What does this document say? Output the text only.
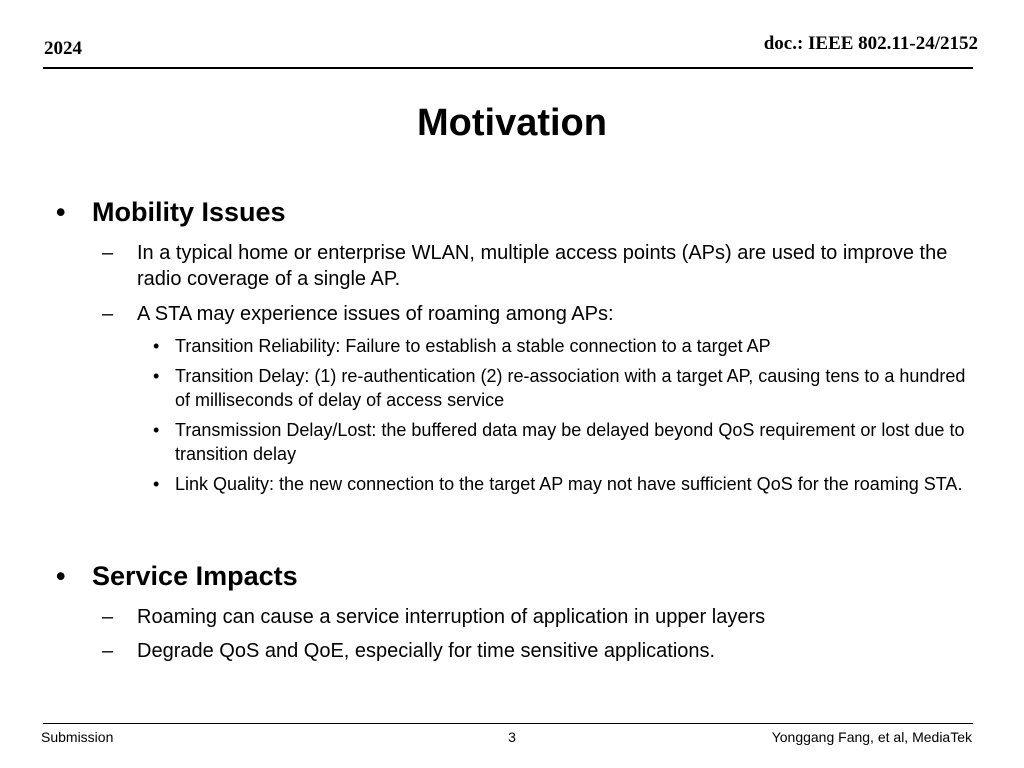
2024	doc.: IEEE 802.11-24/2152
Motivation
• Mobility Issues
– In a typical home or enterprise WLAN, multiple access points (APs) are used to improve the radio coverage of a single AP.
– A STA may experience issues of roaming among APs:
• Transition Reliability: Failure to establish a stable connection to a target AP
• Transition Delay: (1) re-authentication (2) re-association with a target AP, causing tens to a hundred of milliseconds of delay of access service
• Transmission Delay/Lost: the buffered data may be delayed beyond QoS requirement or lost due to transition delay
• Link Quality: the new connection to the target AP may not have sufficient QoS for the roaming STA.
• Service Impacts
– Roaming can cause a service interruption of application in upper layers
– Degrade QoS and QoE, especially for time sensitive applications.
Submission	3	Yonggang Fang, et al, MediaTek
